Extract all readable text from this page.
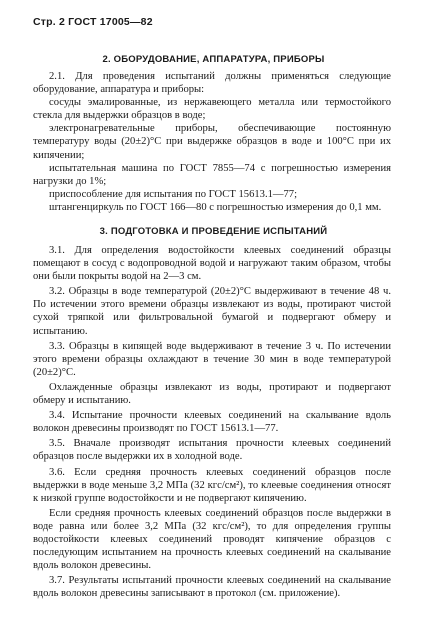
Стр. 2 ГОСТ 17005—82
2. ОБОРУДОВАНИЕ, АППАРАТУРА, ПРИБОРЫ

2.1. Для проведения испытаний должны применяться следующие оборудование, аппаратура и приборы:

сосуды эмалированные, из нержавеющего металла или термостойкого стекла для выдержки образцов в воде;

электронагревательные приборы, обеспечивающие постоянную температуру воды (20±2)°С при выдержке образцов в воде и 100°С при их кипячении;

испытательная машина по ГОСТ 7855—74 с погрешностью измерения нагрузки до 1%;

приспособление для испытания по ГОСТ 15613.1—77;

штангенциркуль по ГОСТ 166—80 с погрешностью измерения до 0,1 мм.

3. ПОДГОТОВКА И ПРОВЕДЕНИЕ ИСПЫТАНИЙ

3.1. Для определения водостойкости клеевых соединений образцы помещают в сосуд с водопроводной водой и нагружают таким образом, чтобы они были покрыты водой на 2—3 см.

3.2. Образцы в воде температурой (20±2)°С выдерживают в течение 48 ч. По истечении этого времени образцы извлекают из воды, протирают чистой сухой тряпкой или фильтровальной бумагой и подвергают обмеру и испытанию.

3.3. Образцы в кипящей воде выдерживают в течение 3 ч. По истечении этого времени образцы охлаждают в течение 30 мин в воде температурой (20±2)°С.

Охлажденные образцы извлекают из воды, протирают и подвергают обмеру и испытанию.

3.4. Испытание прочности клеевых соединений на скалывание вдоль волокон древесины производят по ГОСТ 15613.1—77.

3.5. Вначале производят испытания прочности клеевых соединений образцов после выдержки их в холодной воде.

3.6. Если средняя прочность клеевых соединений образцов после выдержки в воде меньше 3,2 МПа (32 кгс/см²), то клеевые соединения относят к низкой группе водостойкости и не подвергают кипячению.

Если средняя прочность клеевых соединений образцов после выдержки в воде равна или более 3,2 МПа (32 кгс/см²), то для определения группы водостойкости клеевых соединений проводят кипячение образцов с последующим испытанием на прочность клеевых соединений на скалывание вдоль волокон древесины.

3.7. Результаты испытаний прочности клеевых соединений на скалывание вдоль волокон древесины записывают в протокол (см. приложение).
